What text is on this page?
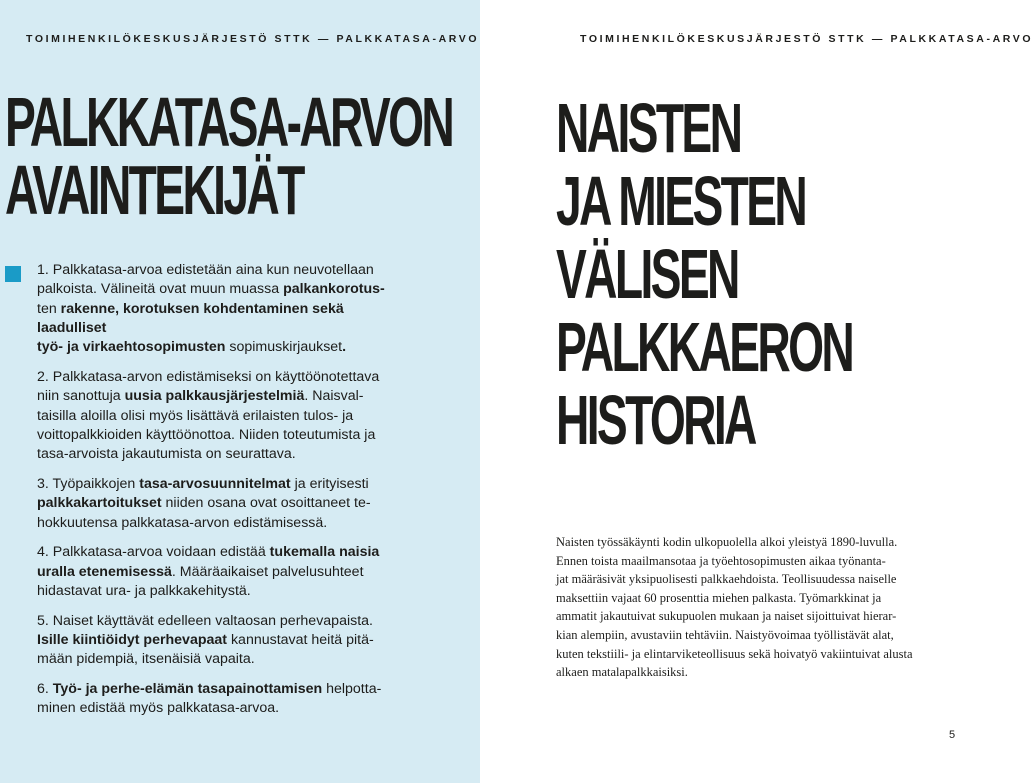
TOIMIHENKILÖKESKUSJÄRJESTÖ STTK — PALKKATASA-ARVO
PALKKATASA-ARVON
AVAINTEKIJÄT

1. Palkkatasa-arvoa edistetään aina kun neuvotellaan
palkoista. Välineitä ovat muun muassa palkankorotus-
ten rakenne, korotuksen kohdentaminen sekä laadulliset
työ- ja virkaehtosopimusten sopimuskirjaukset.

2. Palkkatasa-arvon edistämiseksi on käyttöönotettava
niin sanottuja uusia palkkausjärjestelmiä. Naisval-
taisilla aloilla olisi myös lisättävä erilaisten tulos- ja
voittopalkkioiden käyttöönottoa. Niiden toteutumista ja
tasa-arvoista jakautumista on seurattava.

3. Työpaikkojen tasa-arvosuunnitelmat ja erityisesti
palkkakartoitukset niiden osana ovat osoittaneet te-
hokkuutensa palkkatasa-arvon edistämisessä.

4. Palkkatasa-arvoa voidaan edistää tukemalla naisia
uralla etenemisessä. Määräaikaiset palvelusuhteet
hidastavat ura- ja palkkakehitystä.

5. Naiset käyttävät edelleen valtaosan perhevapaista.
Isille kiintiöidyt perhevapaat kannustavat heitä pitä-
mään pidempiä, itsenäisiä vapaita.

6. Työ- ja perhe-elämän tasapainottamisen helpotta-
minen edistää myös palkkatasa-arvoa.

TOIMIHENKILÖKESKUSJÄRJESTÖ STTK — PALKKATASA-ARVO
NAISTEN
JA MIESTEN
VÄLISEN
PALKKAERON
HISTORIA
Naisten työssäkäynti kodin ulkopuolella alkoi yleistyä 1890-luvulla.
Ennen toista maailmansotaa ja työehtosopimusten aikaa työnanta-
jat määräsivät yksipuolisesti palkkaehdoista. Teollisuudessa naiselle
maksettiin vajaat 60 prosenttia miehen palkasta. Työmarkkinat ja
ammatit jakautuivat sukupuolen mukaan ja naiset sijoittuivat hierar-
kian alempiin, avustaviin tehtäviin. Naistyövoimaa työllistävät alat,
kuten tekstiili- ja elintarviketeollisuus sekä hoivatyö vakiintuivat alusta
alkaen matalapalkkaisiksi.
5
